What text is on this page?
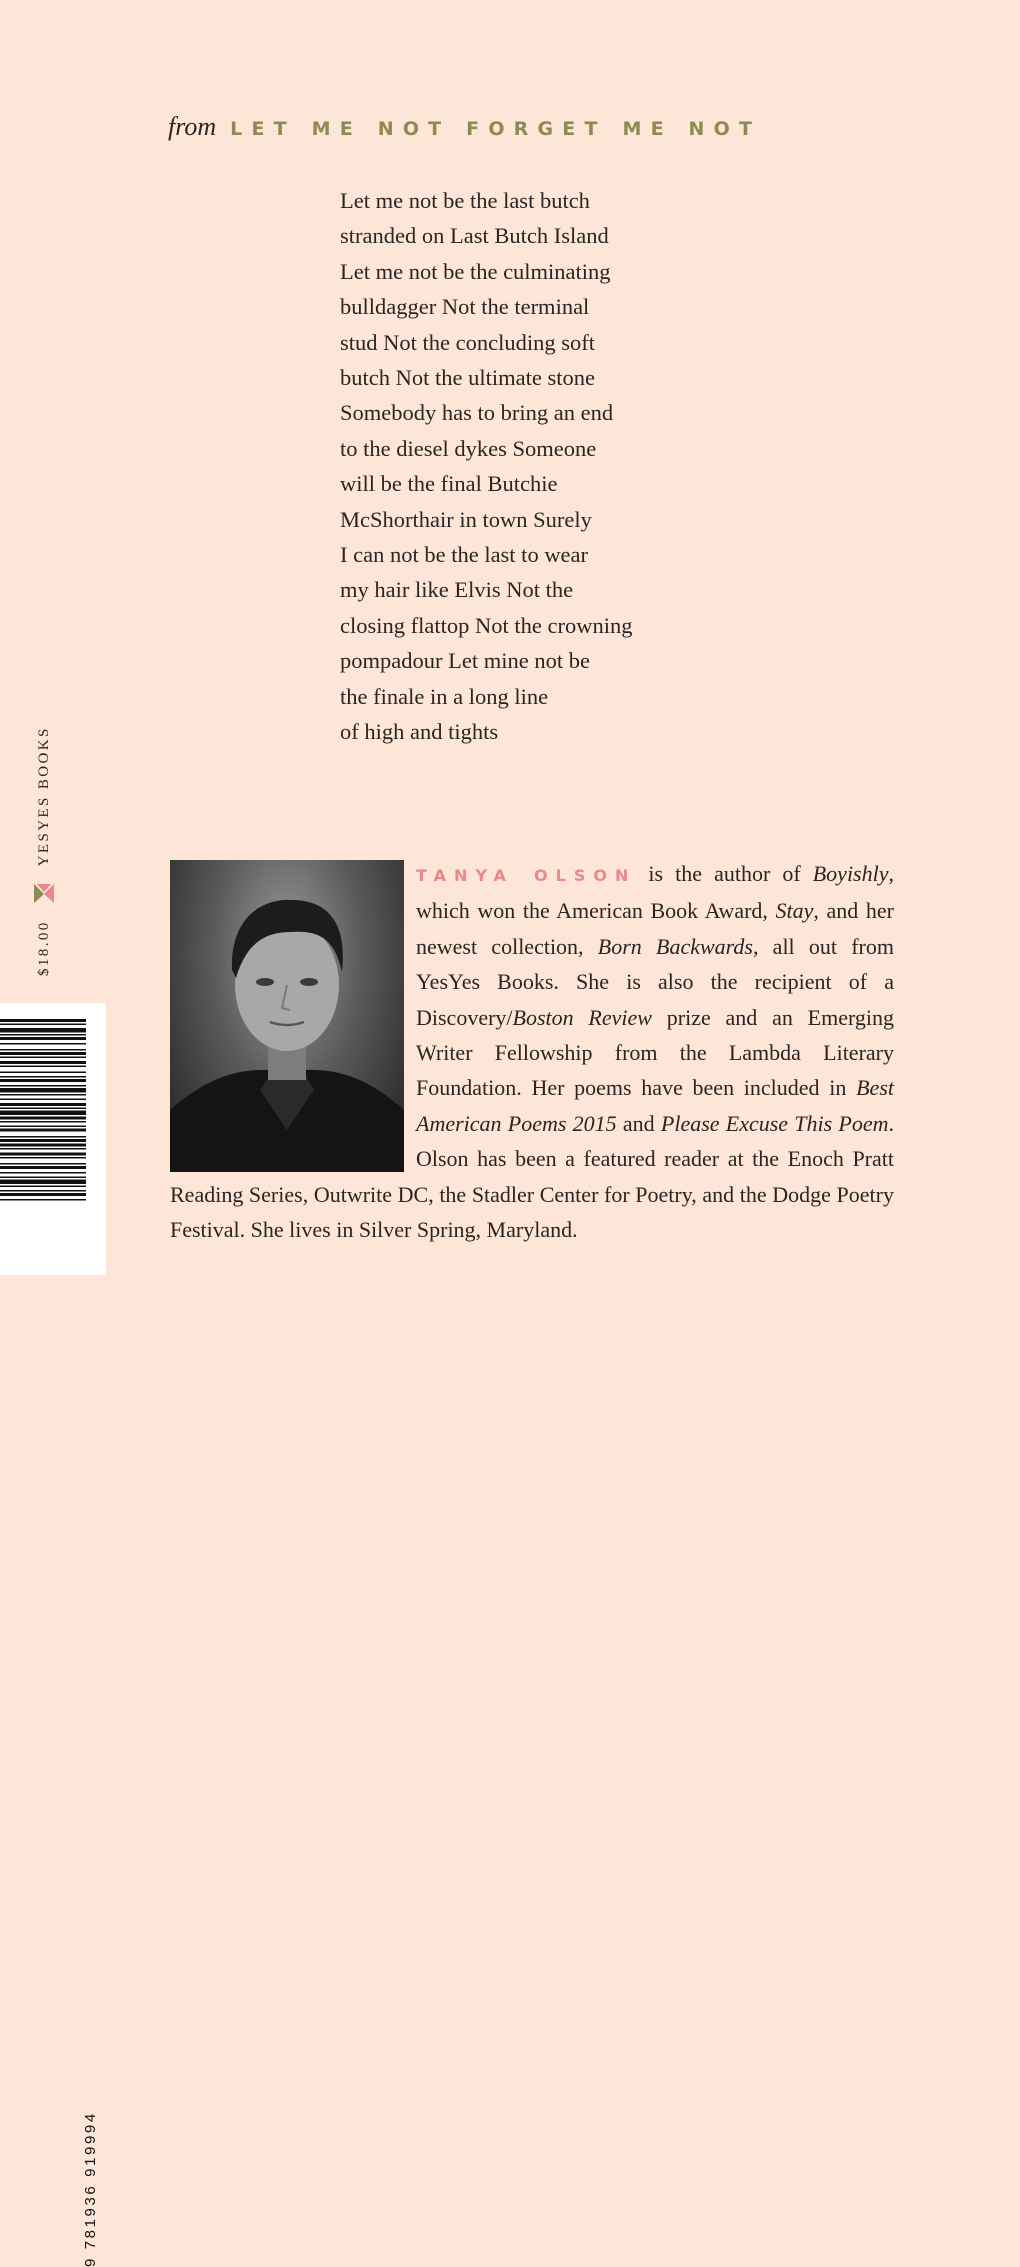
from LET ME NOT FORGET ME NOT
Let me not be the last butch
stranded on Last Butch Island
Let me not be the culminating
bulldagger Not the terminal
stud Not the concluding soft
butch Not the ultimate stone
Somebody has to bring an end
to the diesel dykes Someone
will be the final Butchie
McShorthair in town Surely
I can not be the last to wear
my hair like Elvis Not the
closing flattop Not the crowning
pompadour Let mine not be
the finale in a long line
of high and tights
$18.00
YESYES BOOKS
9 781936 919994
TANYA OLSON is the author of Boyishly, which won the American Book Award, Stay, and her newest collection, Born Backwards, all out from YesYes Books. She is also the recipient of a Discovery/Boston Review prize and an Emerging Writer Fellowship from the Lambda Literary Foundation. Her poems have been included in Best American Poems 2015 and Please Excuse This Poem. Olson has been a featured reader at the Enoch Pratt Reading Series, Outwrite DC, the Stadler Center for Poetry, and the Dodge Poetry Festival. She lives in Silver Spring, Maryland.
